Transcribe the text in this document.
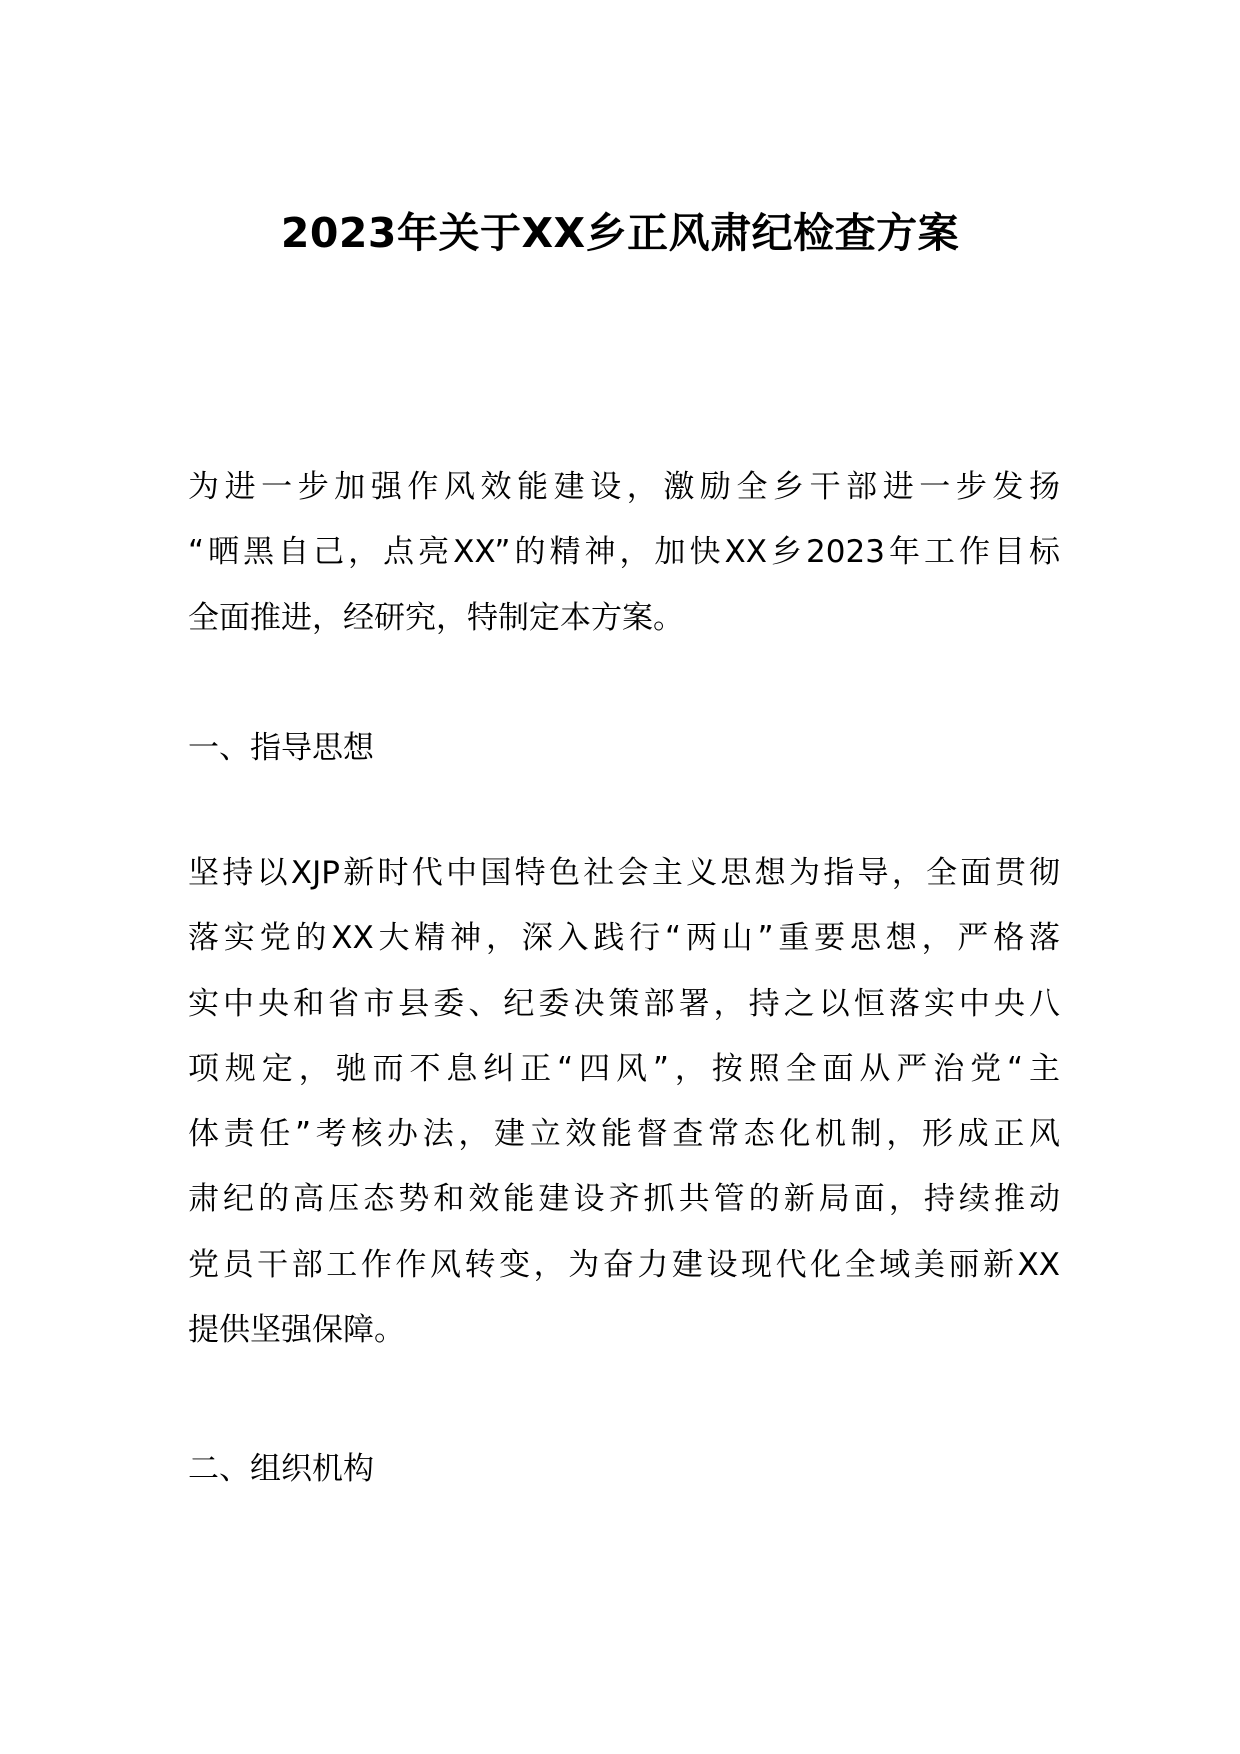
2023年关于XX乡正风肃纪检查方案
为进一步加强作风效能建设，激励全乡干部进一步发扬
“晒黑自己，点亮XX”的精神，加快XX乡2023年工作目标
全面推进，经研究，特制定本方案。
一、指导思想
坚持以XJP新时代中国特色社会主义思想为指导，全面贯彻
落实党的XX大精神，深入践行“两山”重要思想，严格落
实中央和省市县委、纪委决策部署，持之以恒落实中央八
项规定，驰而不息纠正“四风”，按照全面从严治党“主
体责任”考核办法，建立效能督查常态化机制，形成正风
肃纪的高压态势和效能建设齐抓共管的新局面，持续推动
党员干部工作作风转变，为奋力建设现代化全域美丽新XX
提供坚强保障。
二、组织机构
